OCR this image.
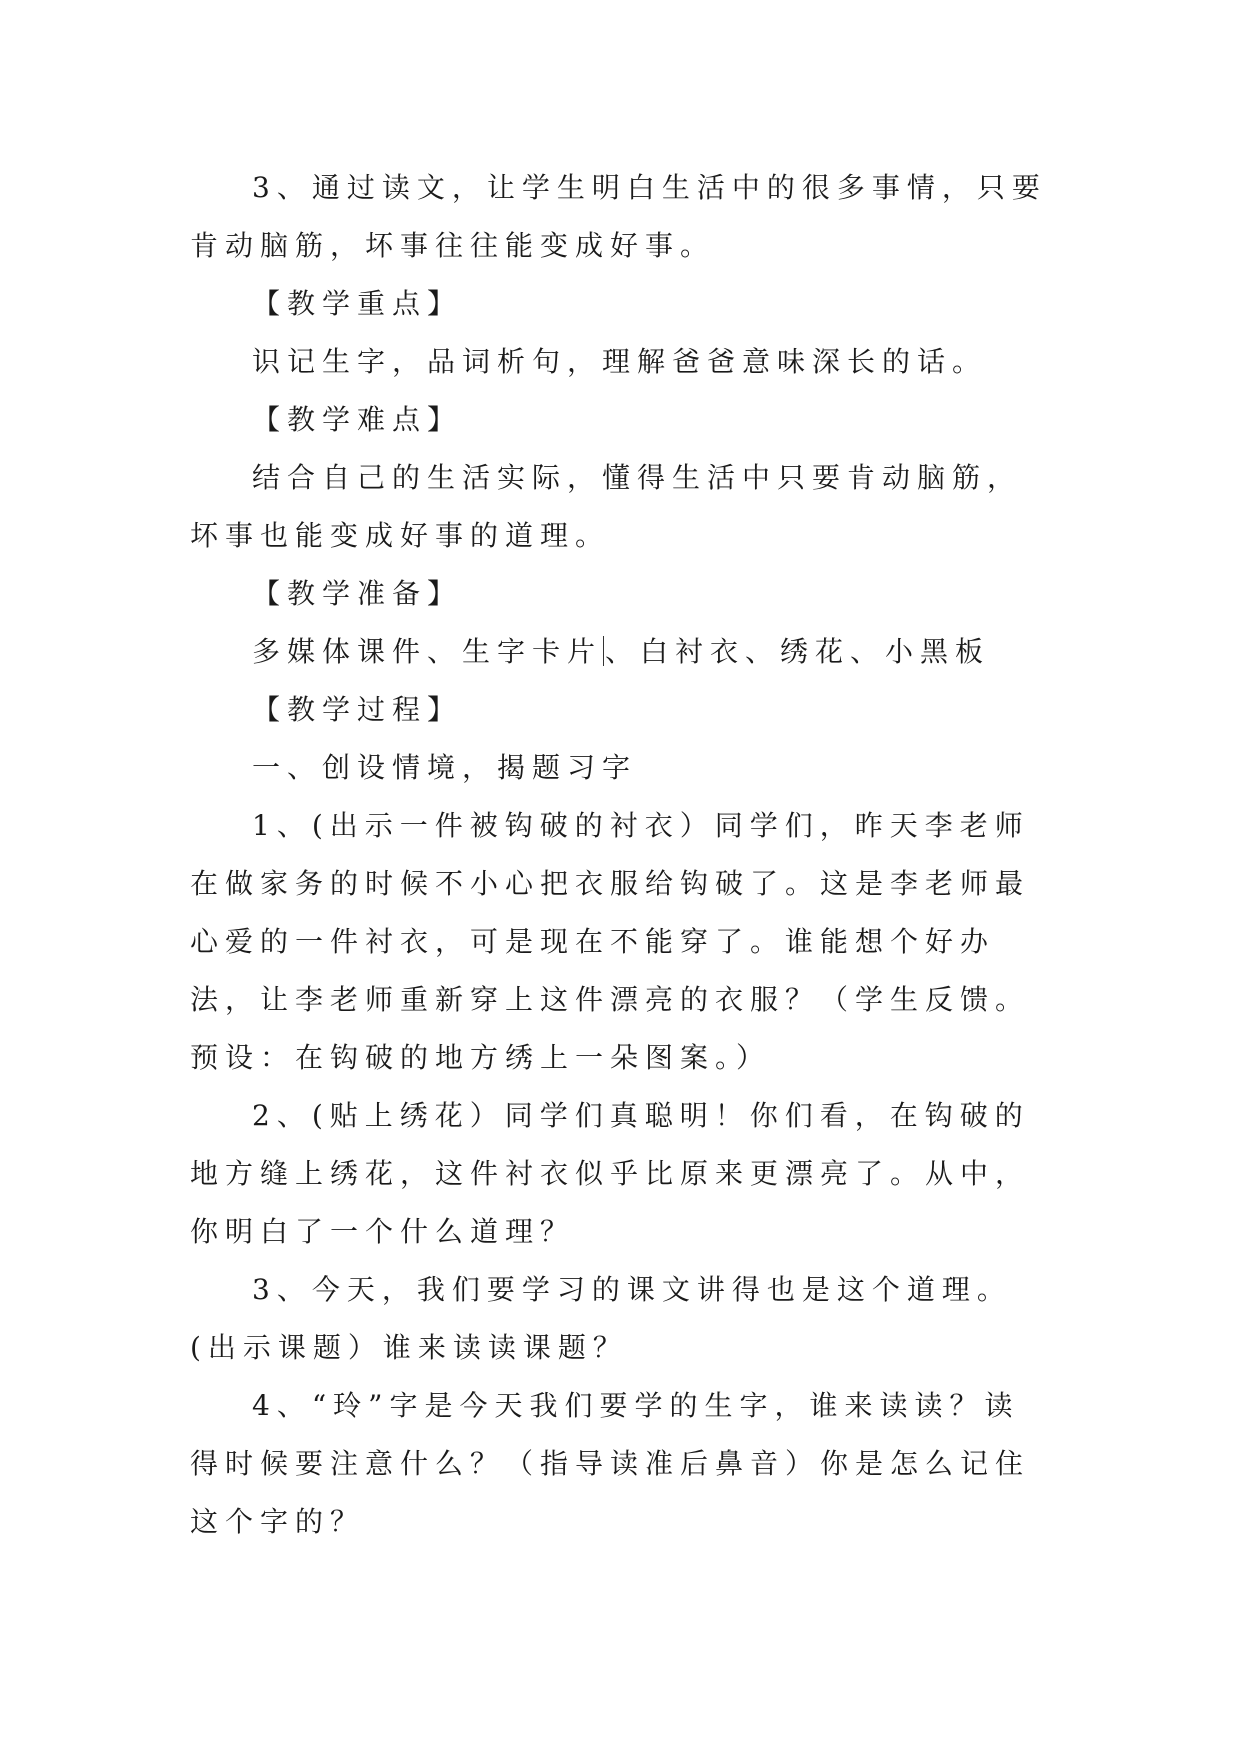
3、通过读文，让学生明白生活中的很多事情，只要肯动脑筋，坏事往往能变成好事。

【教学重点】

识记生字，品词析句，理解爸爸意味深长的话。

【教学难点】

结合自己的生活实际，懂得生活中只要肯动脑筋，坏事也能变成好事的道理。

【教学准备】

多媒体课件、生字卡片 、白衬衣、绣花、小黑板

【教学过程】

一、创设情境，揭题习字

1、(出示一件被钩破的衬衣）同学们，昨天李老师在做家务的时候不小心把衣服给钩破了。这是李老师最心爱的一件衬衣，可是现在不能穿了。谁能想个好办法，让李老师重新穿上这件漂亮的衣服？（学生反馈。预设：在钩破的地方绣上一朵图案。）

2、(贴上绣花）同学们真聪明！你们看，在钩破的地方缝上绣花，这件衬衣似乎比原来更漂亮了。从中，你明白了一个什么道理？

3、今天，我们要学习的课文讲得也是这个道理。(出示课题）谁来读读课题？

4、“玲”字是今天我们要学的生字，谁来读读？读得时候要注意什么？（指导读准后鼻音）你是怎么记住这个字的？
